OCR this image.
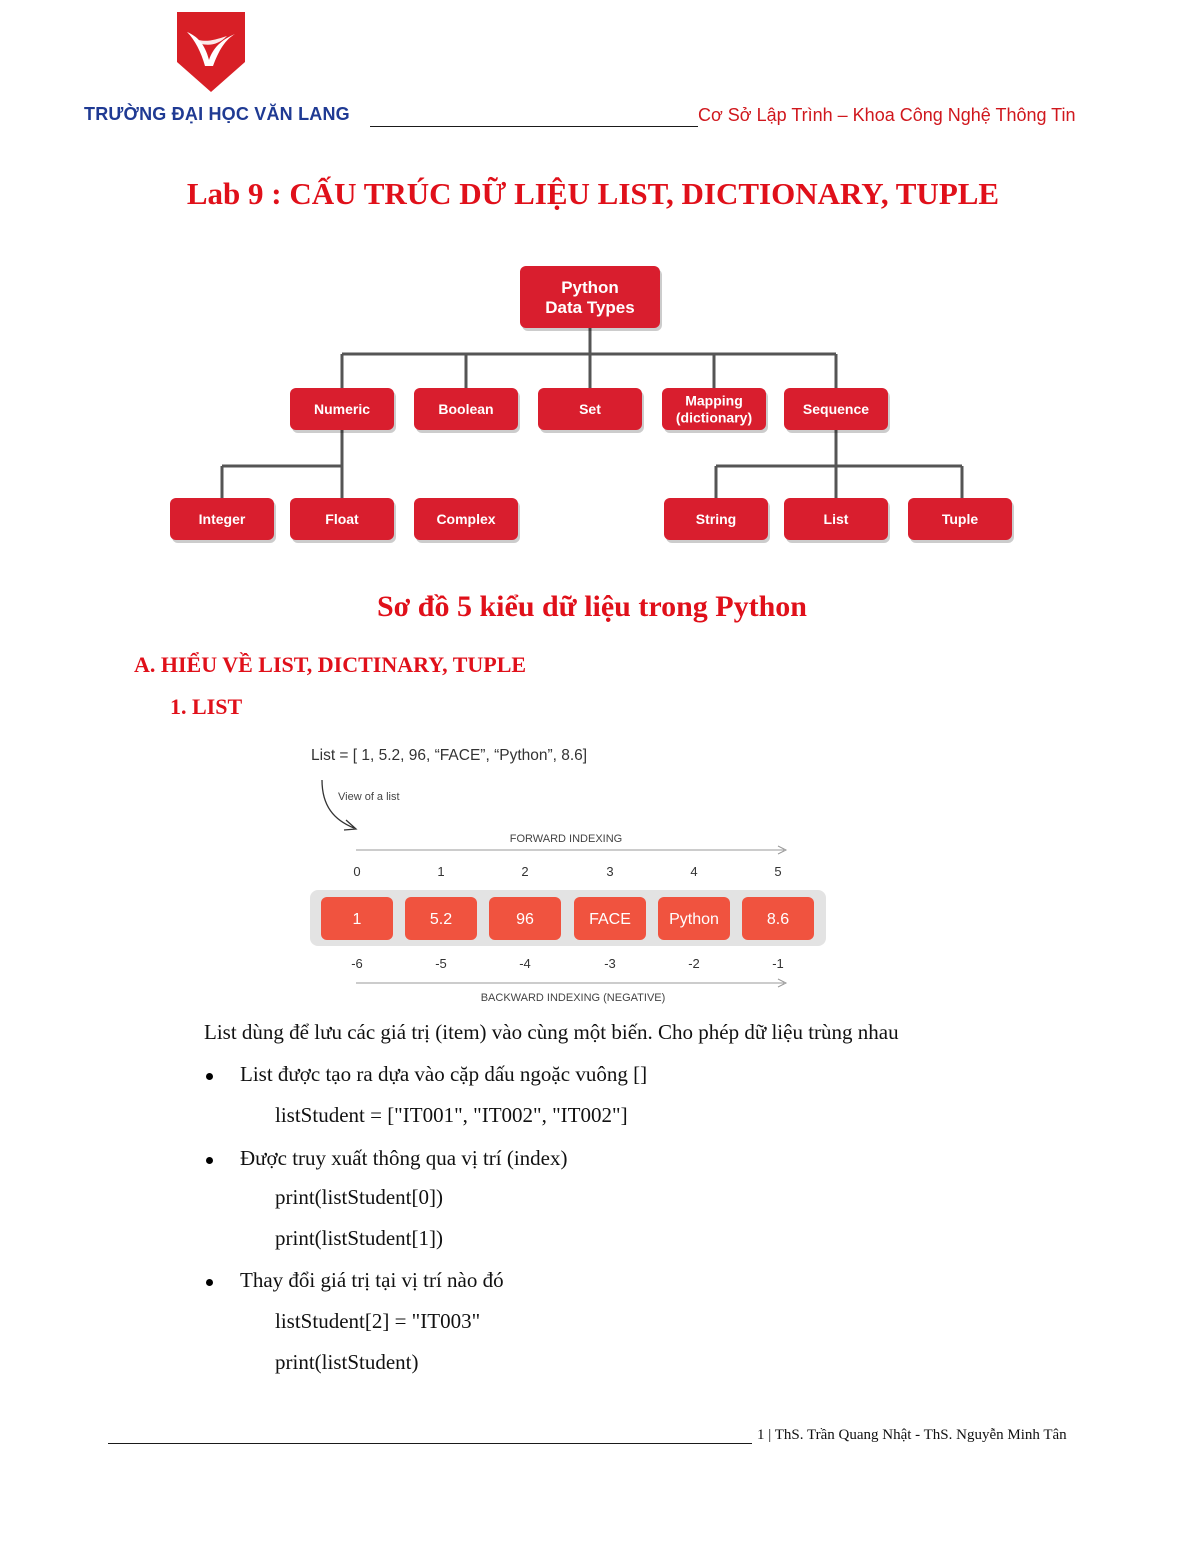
TRƯỜNG ĐẠI HỌC VĂN LANG	Cơ Sở Lập Trình – Khoa Công Nghệ Thông Tin
Lab 9 : CẤU TRÚC DỮ LIỆU LIST, DICTIONARY, TUPLE
Python Data Types
Numeric	Boolean	Set
Mapping (dictionary)
Sequence
Integer	Float	Complex	String	List	Tuple
Sơ đồ 5 kiểu dữ liệu trong Python
A. HIỂU VỀ LIST, DICTINARY, TUPLE
1. LIST
List = [ 1, 5.2, 96, “FACE”, “Python”, 8.6]
View of a list
FORWARD INDEXING
0
1
-6
1
5.2
-5
2
96
-4
3
FACE
-3
4
Python
-2
5
8.6
-1
BACKWARD INDEXING (NEGATIVE)
List dùng để lưu các giá trị (item) vào cùng một biến. Cho phép dữ liệu trùng nhau
List được tạo ra dựa vào cặp dấu ngoặc vuông []
listStudent = ["IT001", "IT002", "IT002"]
Được truy xuất thông qua vị trí (index)
print(listStudent[0])
print(listStudent[1])
Thay đổi giá trị tại vị trí nào đó
listStudent[2] = "IT003"
print(listStudent)
1 | ThS. Trần Quang Nhật - ThS. Nguyễn Minh Tân
